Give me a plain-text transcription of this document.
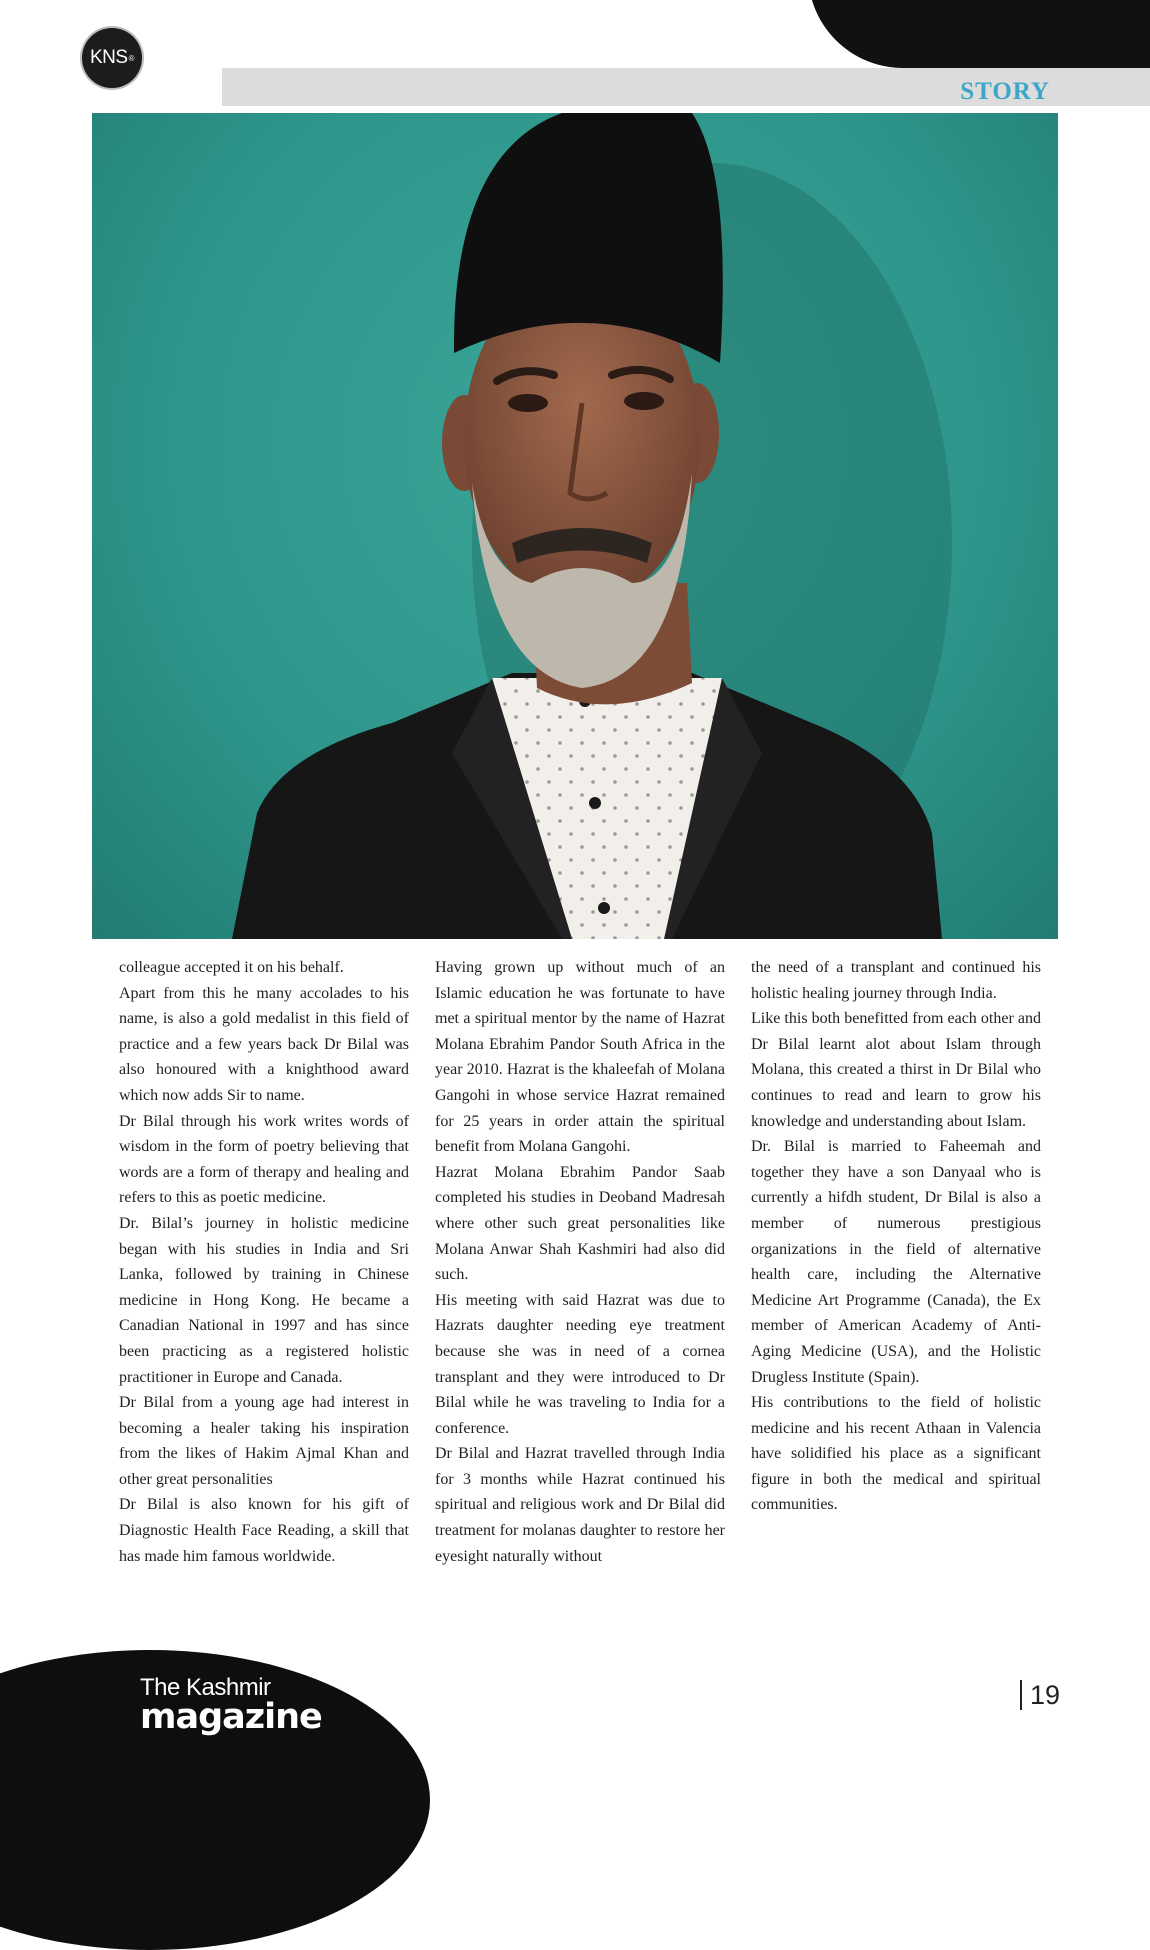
KNS ®
STORY

colleague accepted it on his behalf.

Apart from this he many accolades to his name, is also a gold medalist in this field of practice and a few years back Dr Bilal was also honoured with a knighthood award which now adds Sir to name.

Dr Bilal through his work writes words of wisdom in the form of poetry believing that words are a form of therapy and healing and refers to this as poetic medicine.

Dr. Bilal’s journey in holistic medicine began with his studies in India and Sri Lanka, followed by training in Chinese medicine in Hong Kong. He became a Canadian National in 1997 and has since been practicing as a registered holistic practitioner in Europe and Canada.

Dr Bilal from a young age had interest in becoming a healer taking his inspiration from the likes of Hakim Ajmal Khan and other great personalities

Dr Bilal is also known for his gift of Diagnostic Health Face Reading, a skill that has made him famous worldwide.

Having grown up without much of an Islamic education he was fortunate to have met a spiritual mentor by the name of Hazrat Molana Ebrahim Pandor South Africa in the year 2010. Hazrat is the khaleefah of Molana Gangohi in whose service Hazrat remained for 25 years in order attain the spiritual benefit from Molana Gangohi.

Hazrat Molana Ebrahim Pandor Saab completed his studies in Deoband Madresah where other such great personalities like Molana Anwar Shah Kashmiri had also did such.

His meeting with said Hazrat was due to Hazrats daughter needing eye treatment because she was in need of a cornea transplant and they were introduced to Dr Bilal while he was traveling to India for a conference.

Dr Bilal and Hazrat travelled through India for 3 months while Hazrat continued his spiritual and religious work and Dr Bilal did treatment for molanas daughter to restore her eyesight naturally without

the need of a transplant and continued his holistic healing journey through India.

Like this both benefitted from each other and Dr Bilal learnt alot about Islam through Molana, this created a thirst in Dr Bilal who continues to read and learn to grow his knowledge and understanding about Islam.

Dr. Bilal is married to Faheemah and together they have a son Danyaal who is currently a hifdh student, Dr Bilal is also a member of numerous prestigious organizations in the field of alternative health care, including the Alternative Medicine Art Programme (Canada), the Ex member of American Academy of Anti-Aging Medicine (USA), and the Holistic Drugless Institute (Spain).

His contributions to the field of holistic medicine and his recent Athaan in Valencia have solidified his place as a significant figure in both the medical and spiritual communities.

The Kashmir
magazine
19
